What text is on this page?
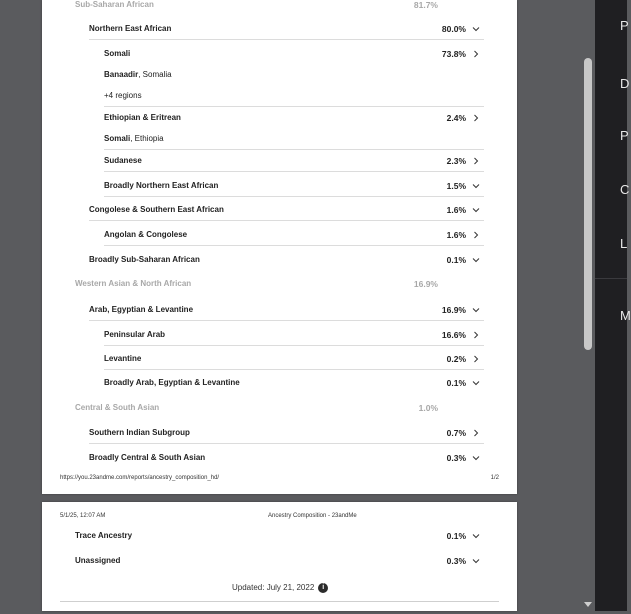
Sub-Saharan African	81.7%
Northern East African	80.0%
Somali	73.8%
Banaadir, Somalia
+4 regions
Ethiopian & Eritrean	2.4%
Somali, Ethiopia
Sudanese	2.3%
Broadly Northern East African	1.5%
Congolese & Southern East African	1.6%
Angolan & Congolese	1.6%
Broadly Sub-Saharan African	0.1%
Western Asian & North African	16.9%
Arab, Egyptian & Levantine	16.9%
Peninsular Arab	16.6%
Levantine	0.2%
Broadly Arab, Egyptian & Levantine	0.1%
Central & South Asian	1.0%
Southern Indian Subgroup	0.7%
Broadly Central & South Asian	0.3%
https://you.23andme.com/reports/ancestry_composition_hd/	1/2
5/1/25, 12:07 AM	Ancestry Composition - 23andMe
Trace Ancestry	0.1%
Unassigned	0.3%
Updated: July 21, 2022 i
P
D
P
C
L
M
